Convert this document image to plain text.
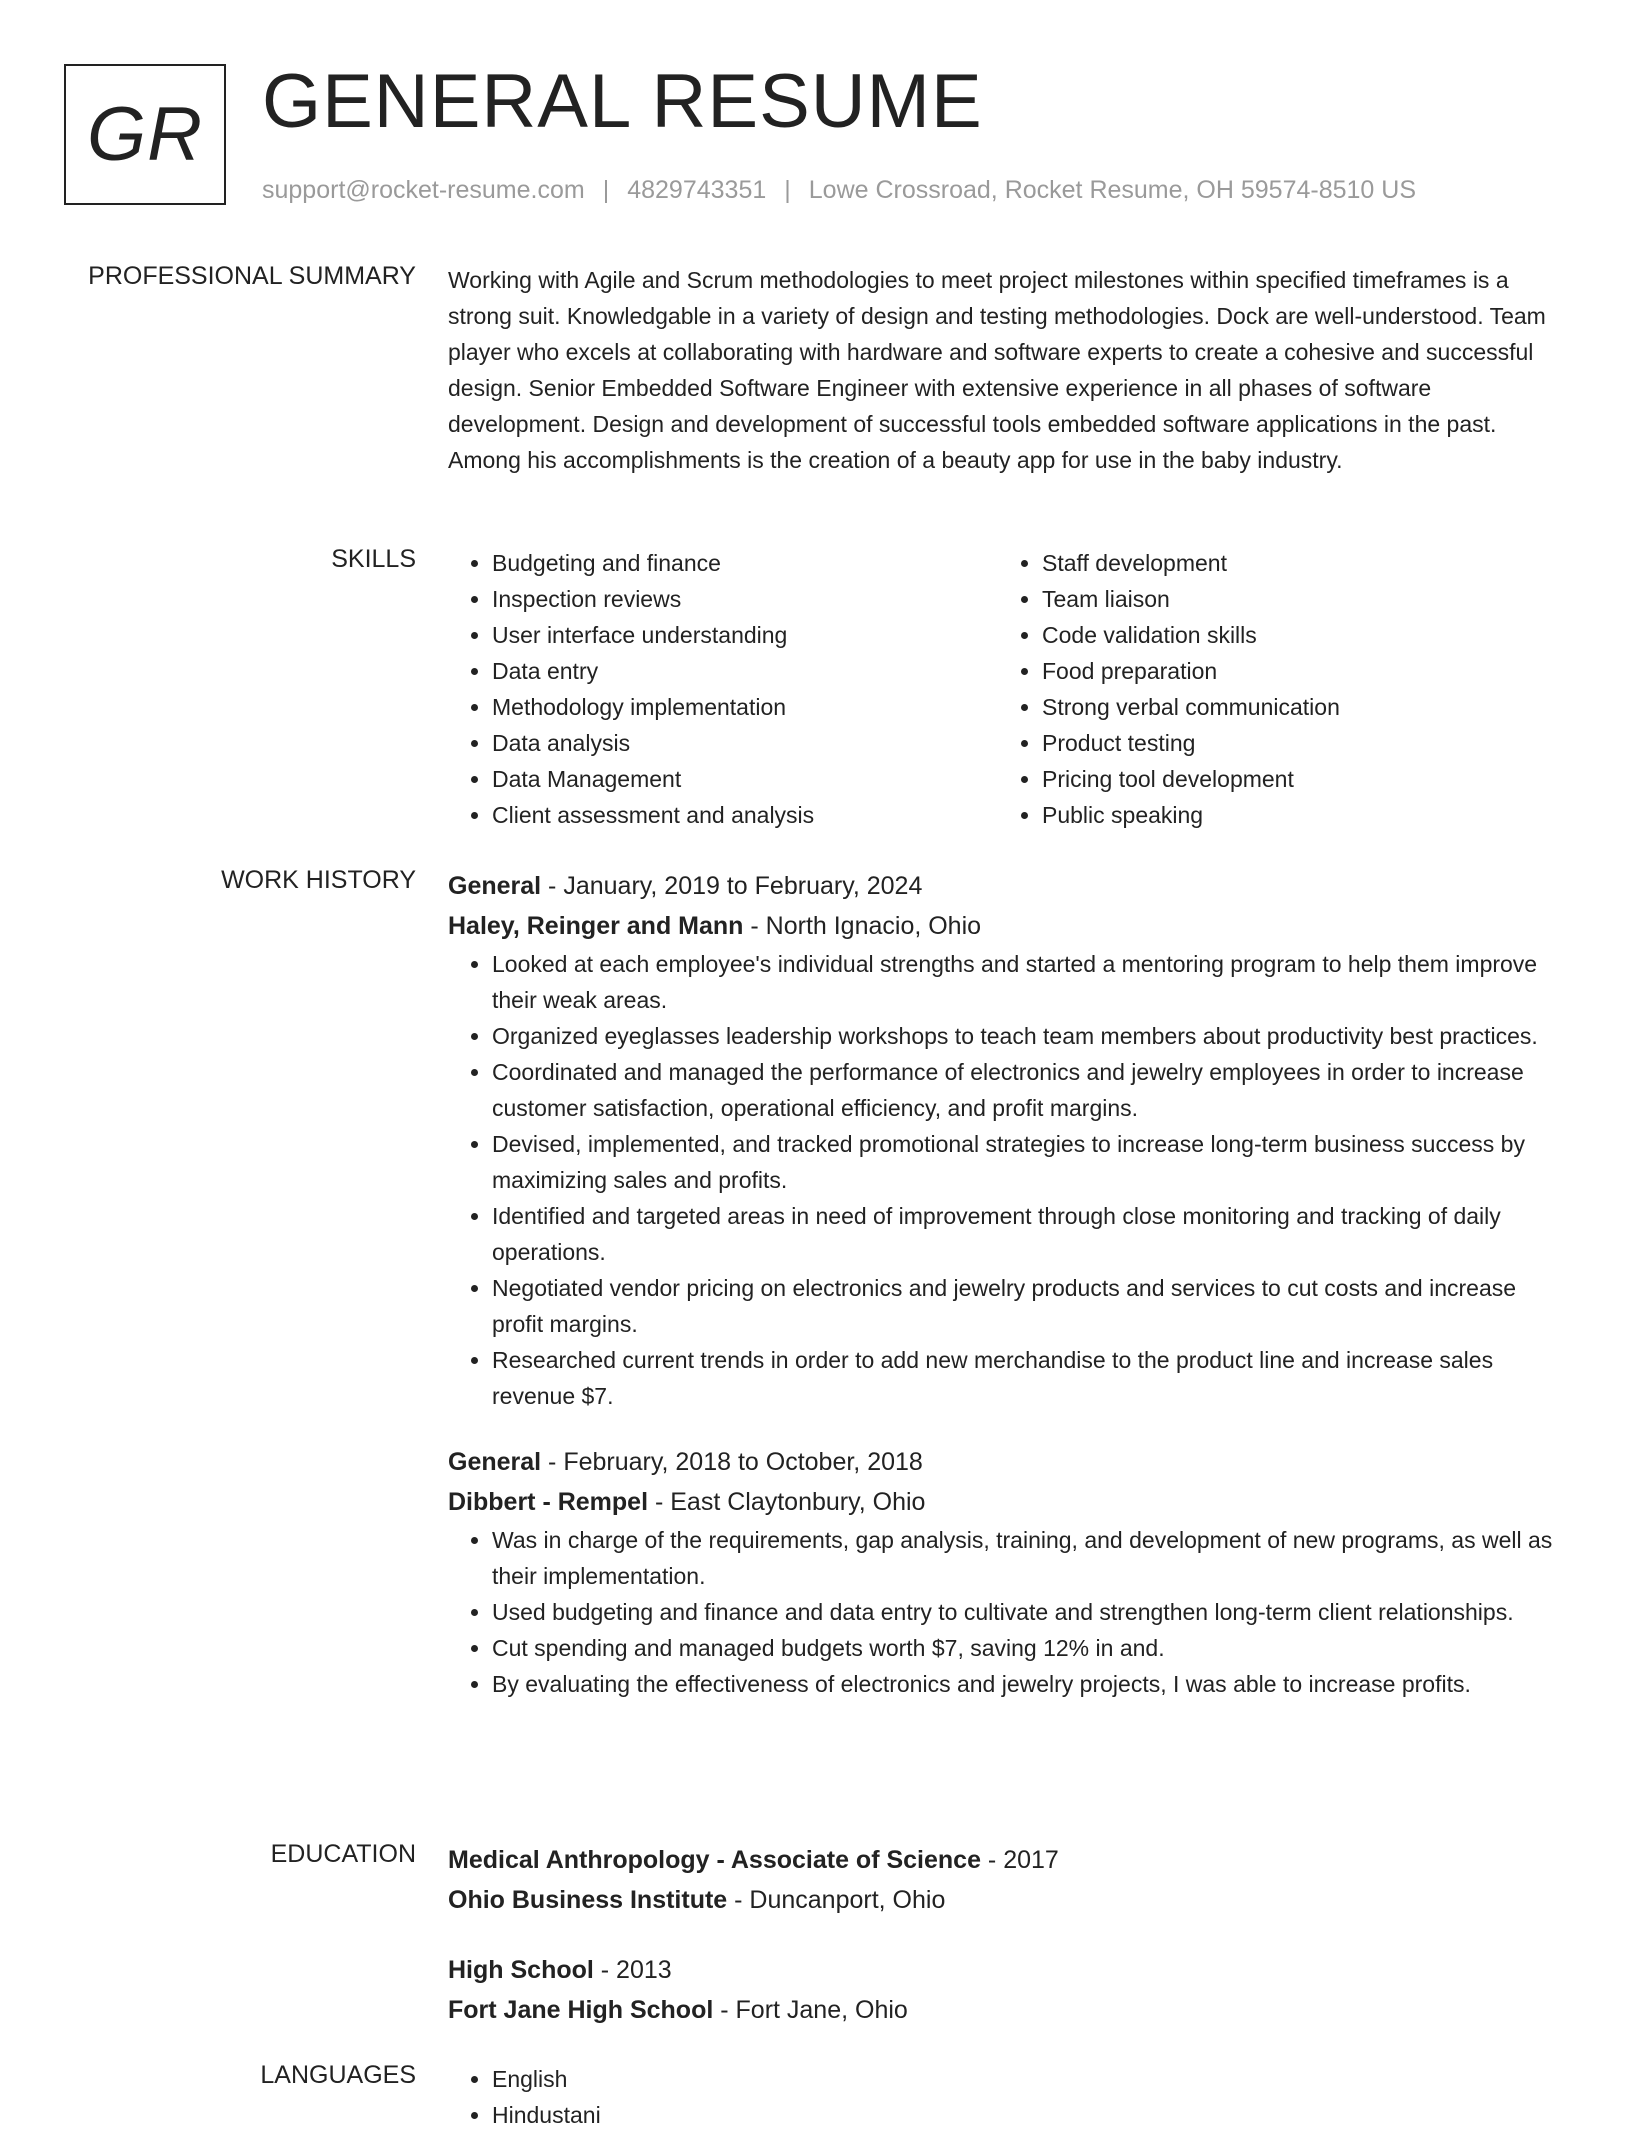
GR GENERAL RESUME
support@rocket-resume.com | 4829743351 | Lowe Crossroad, Rocket Resume, OH 59574-8510 US
PROFESSIONAL SUMMARY Working with Agile and Scrum methodologies to meet project milestones within specified timeframes is a strong suit. Knowledgable in a variety of design and testing methodologies. Dock are well-understood. Team player who excels at collaborating with hardware and software experts to create a cohesive and successful design. Senior Embedded Software Engineer with extensive experience in all phases of software development. Design and development of successful tools embedded software applications in the past. Among his accomplishments is the creation of a beauty app for use in the baby industry.

SKILLS	• Budgeting and finance
• Inspection reviews
• User interface understanding
• Data entry
• Methodology implementation
• Data analysis
• Data Management
• Client assessment and analysis
• Staff development
• Team liaison
• Code validation skills
• Food preparation
• Strong verbal communication
• Product testing
• Pricing tool development
• Public speaking
WORK HISTORY General - January, 2019 to February, 2024
Haley, Reinger and Mann - North Ignacio, Ohio
• Looked at each employee's individual strengths and started a mentoring program to help them improve their weak areas.
• Organized eyeglasses leadership workshops to teach team members about productivity best practices.
• Coordinated and managed the performance of electronics and jewelry employees in order to increase customer satisfaction, operational efficiency, and profit margins.
• Devised, implemented, and tracked promotional strategies to increase long-term business success by maximizing sales and profits.
• Identified and targeted areas in need of improvement through close monitoring and tracking of daily operations.
• Negotiated vendor pricing on electronics and jewelry products and services to cut costs and increase profit margins.
• Researched current trends in order to add new merchandise to the product line and increase sales revenue $7.
General - February, 2018 to October, 2018
Dibbert - Rempel - East Claytonbury, Ohio
• Was in charge of the requirements, gap analysis, training, and development of new programs, as well as their implementation.
• Used budgeting and finance and data entry to cultivate and strengthen long-term client relationships.
• Cut spending and managed budgets worth $7, saving 12% in and.
• By evaluating the effectiveness of electronics and jewelry projects, I was able to increase profits.
EDUCATION Medical Anthropology - Associate of Science - 2017
Ohio Business Institute - Duncanport, Ohio
High School - 2013
Fort Jane High School - Fort Jane, Ohio
LANGUAGES	• English
• Hindustani
